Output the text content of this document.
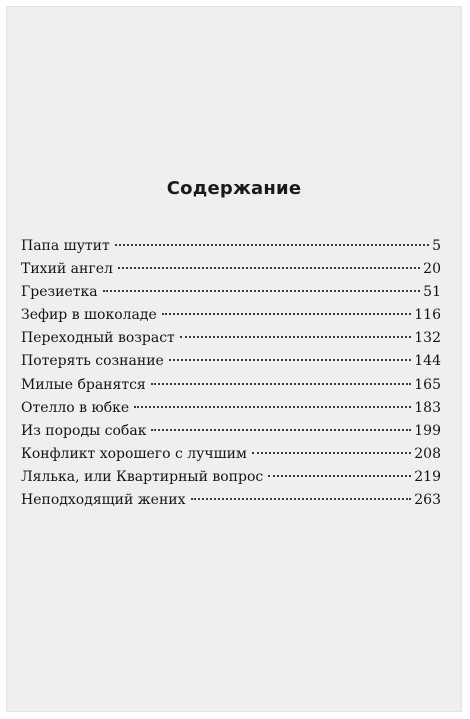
Содержание
Папа шутит	5
Тихий ангел	20
Грезиетка	51
Зефир в шоколаде	116
Переходный возраст	132
Потерять сознание	144
Милые бранятся	165
Отелло в юбке	183
Из породы собак	199
Конфликт хорошего с лучшим	208
Лялька, или Квартирный вопрос	219
Неподходящий жених	263
